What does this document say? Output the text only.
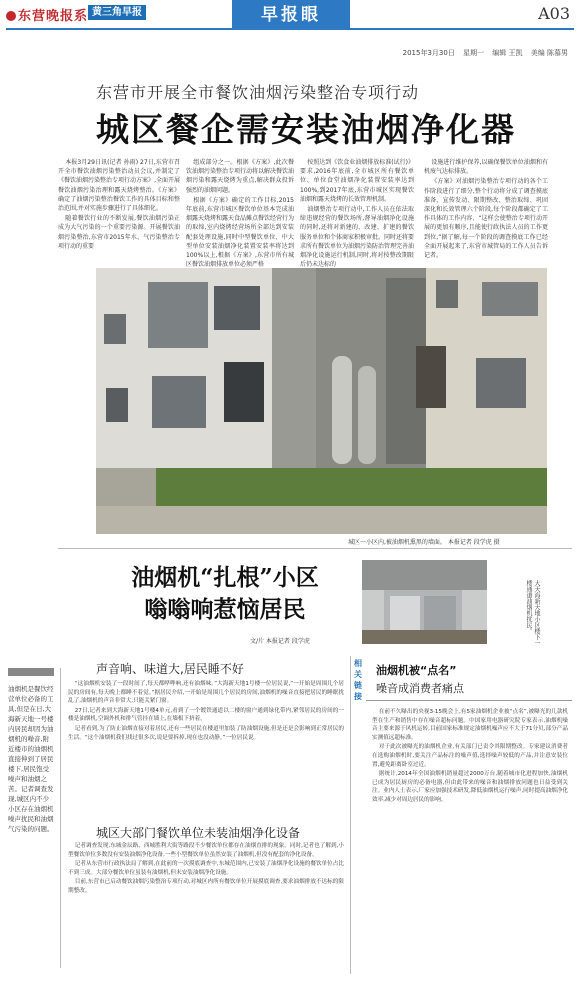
东营晚报系 黄三角早报	早报眼	A03
2015年3月30日 星期一 编辑 王凯 美编 陈慕男
东营市开展全市餐饮油烟污染整治专项行动
城区餐企需安装油烟净化器

本报3月29日讯(记者 孙雨) 27日,东营市召开全市餐饮油烟污染整治动员会议,并制定了《餐饮油烟污染整治专项行动方案》,全面开展餐饮油烟污染治理和露天烧烤整治。《方案》确定了油烟污染整治餐饮工作的具体目标和整治范围,并对实施步骤进行了具体细化。

随着餐饮行业的不断发展,餐饮油烟污染正成为大气污染的一个重要污染源。开展餐饮油烟污染整治,东营市2015年水、气污染整治专项行动的重要

组成部分之一。根据《方案》,此次餐饮油烟污染整治专项行动将以解决餐饮油烟污染和露天烧烤为重点,解决群众投诉强烈的油烟问题。

根据《方案》确定的工作目标,2015年底前,东营市城区餐饮单位基本完成油烟露天烧烤和露天食品摊点餐饮经营行为的取缔,室内烧烤经营场所全部达到安装配套处理设施,同时中型餐饮单位、中大型单位安装油烟净化装置安装率将达到100%以上,根据《方案》,东营市所有城区餐饮油烟排放单位必须严格

按照达到《饮食业油烟排放标准(试行)》要求,2016年底前,全市城区所有餐饮单位、单位食堂油烟净化装置安装率达到100%,到2017年底,东营市城区实现餐饮油烟和露天烧烤的长效管理机制。

油烟整治专项行动中,工作人员在依法取缔违规经营的餐饮场所,督导油烟净化设施的同时,还将对新建的、改建、扩建的餐饮服务单位和个体商家积极审批。同时还将要求所有餐饮单位为油烟污染防治管理完善油烟净化设施运行机制,同时,将对按整改期限后仍未达标的

设施进行维护保养,以确保餐饮单位油烟和有机废气达标排放。

《方案》对油烟污染整治专项行动的各个工作阶段进行了细分,整个行动将分成了调查摸底准备、宣传发动、限期整改、整治取缔、巩固深化和长效管理六个阶段,每个阶段都确定了工作具体的工作内容、“这样会使整治专项行动开展的更加有顺序,且能使行政执法人员的工作更到位,”据了解,每一个阶段的调查摸底工作已经全面开展起来了,东营市城管局的工作人员告诉记者。

城区一小区内,被油烟机熏黑的墙面。 本报记者 段学虎 摄
油烟机“扎根”小区
嗡嗡响惹恼居民
文/片 本报记者 段学虎	大天海新天地小区楼下一楼通道油烟机扰民。
声音响、味道大,居民睡不好
城区大部门餐饮单位未装油烟净化设备
油烟机是餐饮经营单位必备的工具,但是在日,大海新天地一号楼内居民却因为油烟机的噪音,附近楼市的油烟机直接伸到了居民楼下,居民饱受噪声和油烟之苦。记者调查发现,城区内不少小区存在油烟机噪声扰民和油烟气污染的问题。

“这油烟机安装了一段时间了,每天都哗哗响,还有油烟味。”大海新天地1号楼一位居民说,“一开始是周围几个居民的房间有,每天晚上都睡不着觉。”据居民介绍,一开始是周围几个居民的房间,油烟机的噪音直接把居民的睡眠扰乱了,油烟机的声音非常大,只能关紧门窗。

27日,记者来到大海新天地1号楼4单元,看到了一个镀铁通道以二楼的窗户通到绿化带内,紧邻居民的房间的一楼是油烟机,空调外机和排气管挂在墙上,在墙根下挤着。

记者看到,为了防止油烟直接对着居民,还有一些居民在楼道里加装了防油烟设施,但是还是会影响到正常居民的生活。“这个油烟机我们找过很多次,说是要拆掉,现在也没动静。”一位居民说。

记者调查发现,东城金辰路、西城胜利大街等路段不少餐饮单位都存在油烟直排的现象。同时,记者也了解到,小型餐饮单位多数没有安装油烟净化设备,一些小型餐饮单位虽然安装了油烟机,但没有配套的净化设备。

记者从东营市行政执法局了解到,在此前的一次摸底调查中,东城范围内,已安装了油烟净化设施的餐饮单位占比不到三成。大部分餐饮单位虽装有油烟机,但未安装油烟净化设施。

目前,东营市已启动餐饮油烟污染整治专项行动,对城区内所有餐饮单位开展摸底调查,要求油烟排放不达标的限期整改。

相关链接
油烟机被“点名”
噪音成消费者痛点

在前不久曝出的央视3·15晚会上,有5家油烟机企业被“点名”,被曝光的几款机型在生产和销售中存在噪音超标问题。中国家用电器研究院专家表示,油烟机噪音主要来源于风机运转,目前国家标准规定油烟机噪声应不大于71分贝,部分产品实测值远超标准。

对于此次被曝光的油烟机企业,有关部门已责令其限期整改。专家建议消费者在选购油烟机时,要关注产品标注的噪声值,选择噪声较低的产品,并注意安装位置,避免距离卧室过近。

据统计,2014年全国油烟机销量超过2000万台,随着城市化进程加快,油烟机已成为居民厨房的必备电器,但由此带来的噪音和油烟排放问题也日益受到关注。业内人士表示,厂家应加强技术研发,降低油烟机运行噪声,同时提高油烟净化效率,减少对周边居民的影响。
